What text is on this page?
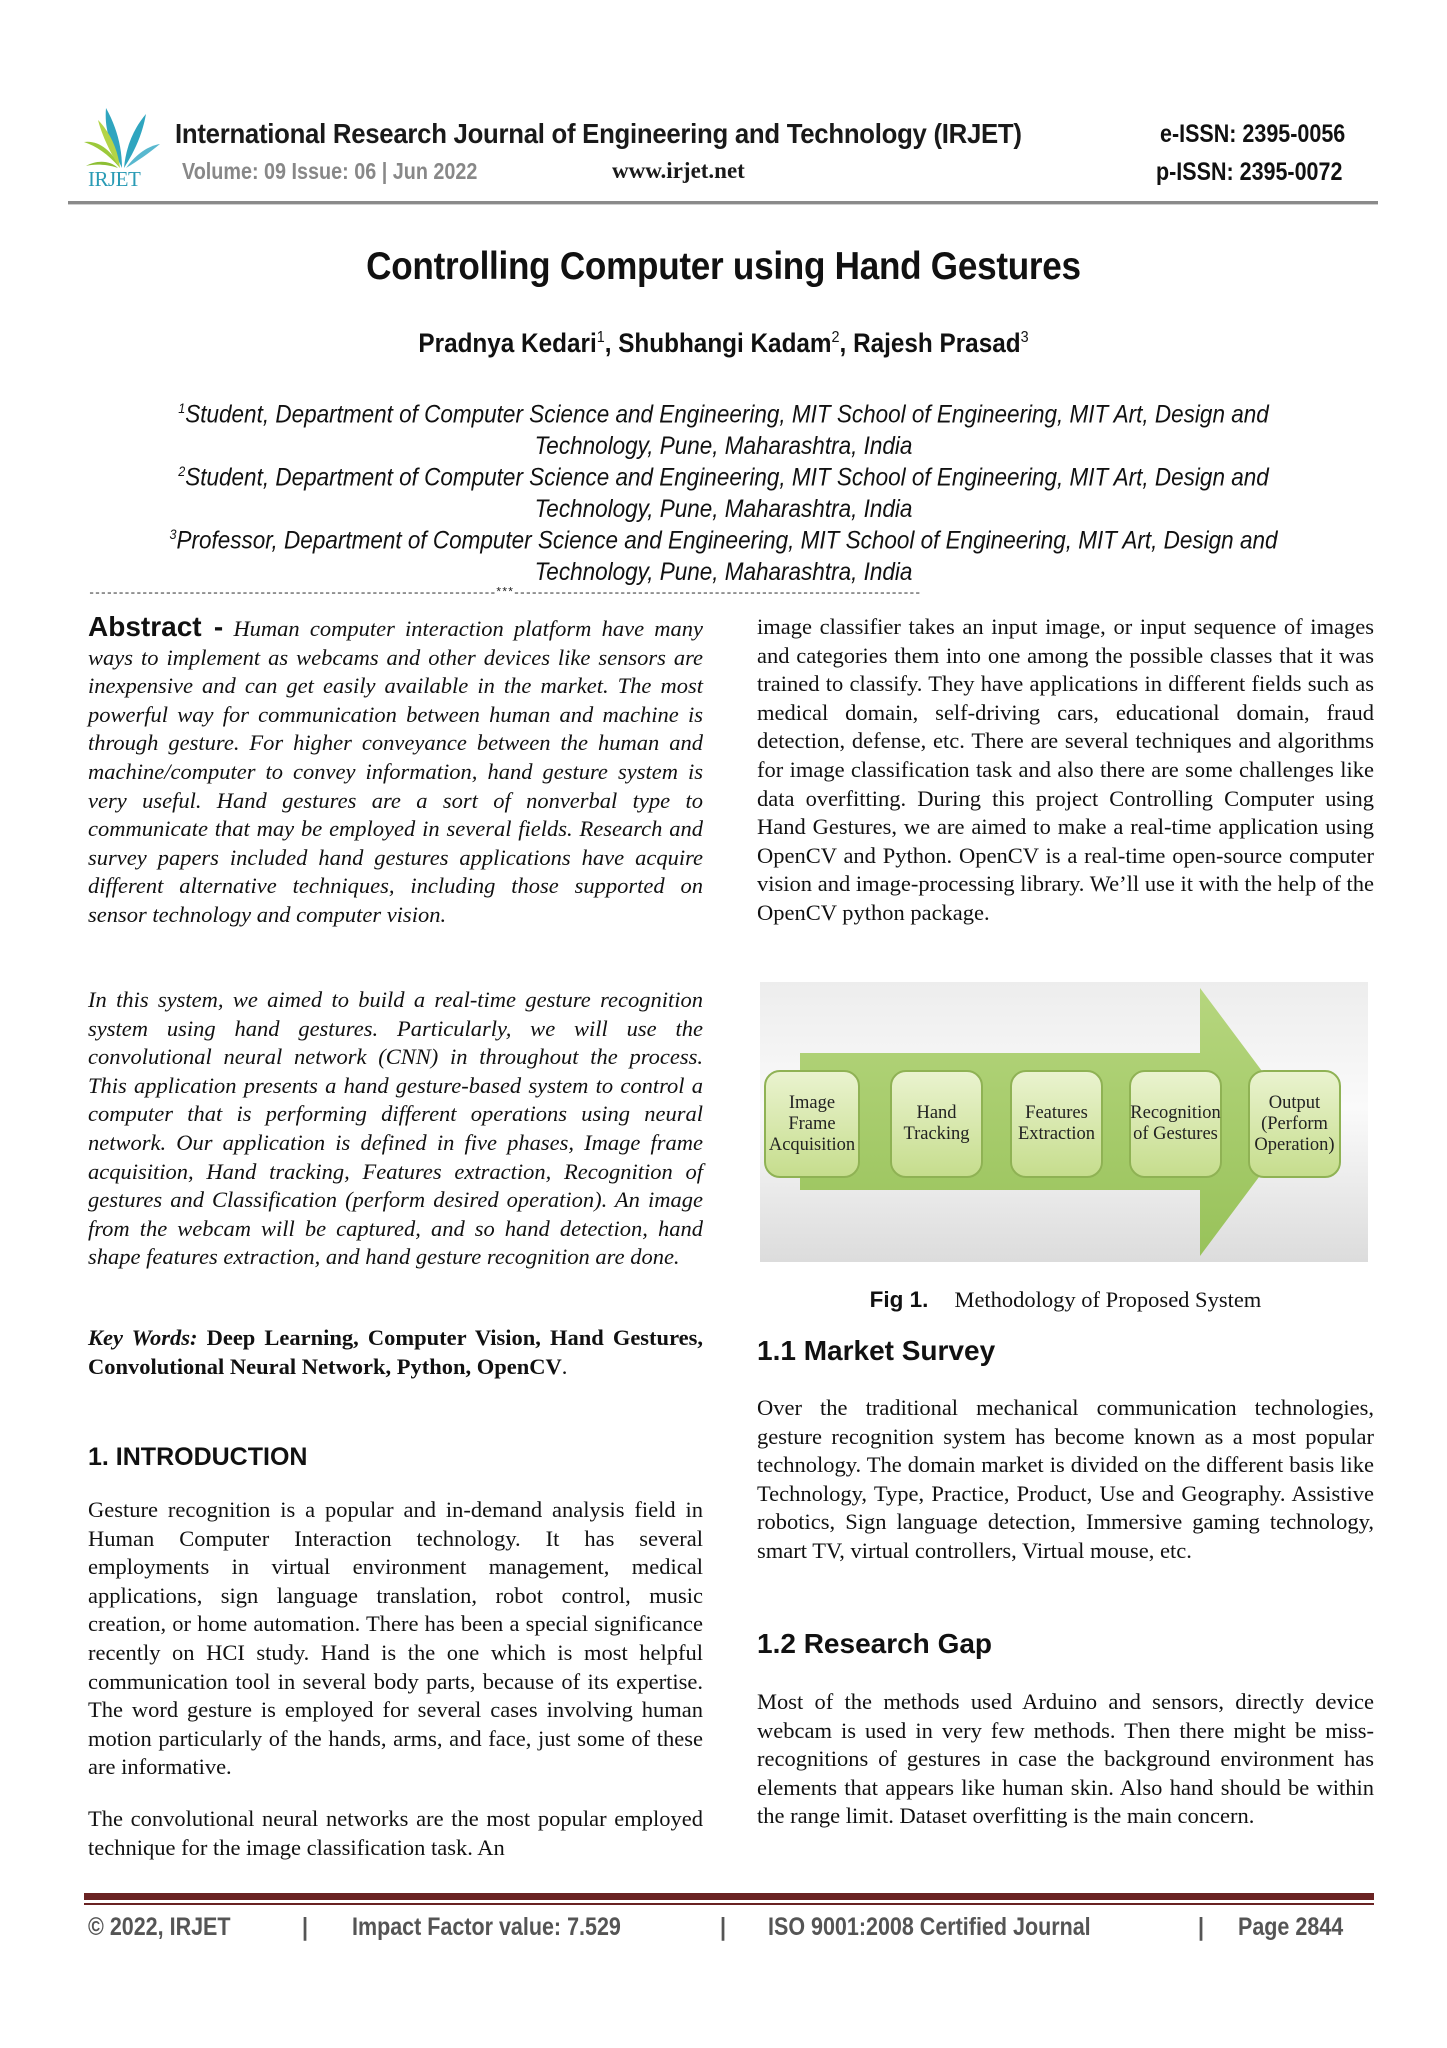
IRJET
International Research Journal of Engineering and Technology (IRJET)	e-ISSN: 2395-0056
Volume: 09 Issue: 06 | Jun 2022	www.irjet.net	p-ISSN: 2395-0072
Controlling Computer using Hand Gestures
Pradnya Kedari$^1$, Shubhangi Kadam$^2$, Rajesh Prasad$^3$
$^1$Student, Department of Computer Science and Engineering, MIT School of Engineering, MIT Art, Design and
Technology, Pune, Maharashtra, India
$^2$Student, Department of Computer Science and Engineering, MIT School of Engineering, MIT Art, Design and
Technology, Pune, Maharashtra, India
$^3$Professor, Department of Computer Science and Engineering, MIT School of Engineering, MIT Art, Design and
Technology, Pune, Maharashtra, India
---------------------------------------------------------------------***---------------------------------------------------------------------

Abstract - Human computer interaction platform have many ways to implement as webcams and other devices like sensors are inexpensive and can get easily available in the market. The most powerful way for communication between human and machine is through gesture. For higher conveyance between the human and machine/computer to convey information, hand gesture system is very useful. Hand gestures are a sort of nonverbal type to communicate that may be employed in several fields. Research and survey papers included hand gestures applications have acquire different alternative techniques, including those supported on sensor technology and computer vision.

In this system, we aimed to build a real-time gesture recognition system using hand gestures. Particularly, we will use the convolutional neural network (CNN) in throughout the process. This application presents a hand gesture-based system to control a computer that is performing different operations using neural network. Our application is defined in five phases, Image frame acquisition, Hand tracking, Features extraction, Recognition of gestures and Classification (perform desired operation). An image from the webcam will be captured, and so hand detection, hand shape features extraction, and hand gesture recognition are done.
Key Words: Deep Learning, Computer Vision, Hand Gestures, Convolutional Neural Network, Python, OpenCV.
1. INTRODUCTION
Gesture recognition is a popular and in-demand analysis field in Human Computer Interaction technology. It has several employments in virtual environment management, medical applications, sign language translation, robot control, music creation, or home automation. There has been a special significance recently on HCI study. Hand is the one which is most helpful communication tool in several body parts, because of its expertise. The word gesture is employed for several cases involving human motion particularly of the hands, arms, and face, just some of these are informative.
The convolutional neural networks are the most popular employed technique for the image classification task. An
image classifier takes an input image, or input sequence of images and categories them into one among the possible classes that it was trained to classify. They have applications in different fields such as medical domain, self-driving cars, educational domain, fraud detection, defense, etc. There are several techniques and algorithms for image classification task and also there are some challenges like data overfitting. During this project Controlling Computer using Hand Gestures, we are aimed to make a real-time application using OpenCV and Python. OpenCV is a real-time open-source computer vision and image-processing library. We’ll use it with the help of the OpenCV python package.
Image Frame
Acquisition
Hand
Tracking
Features
Extraction
Recognition
of Gestures
Output
(Perform
Operation)
Fig 1. Methodology of Proposed System
1.1 Market Survey
Over the traditional mechanical communication technologies, gesture recognition system has become known as a most popular technology. The domain market is divided on the different basis like Technology, Type, Practice, Product, Use and Geography. Assistive robotics, Sign language detection, Immersive gaming technology, smart TV, virtual controllers, Virtual mouse, etc.
1.2 Research Gap
Most of the methods used Arduino and sensors, directly device webcam is used in very few methods. Then there might be miss-recognitions of gestures in case the background environment has elements that appears like human skin. Also hand should be within the range limit. Dataset overfitting is the main concern.
© 2022, IRJET	| Impact Factor value: 7.529	| ISO 9001:2008 Certified Journal	| Page 2844
